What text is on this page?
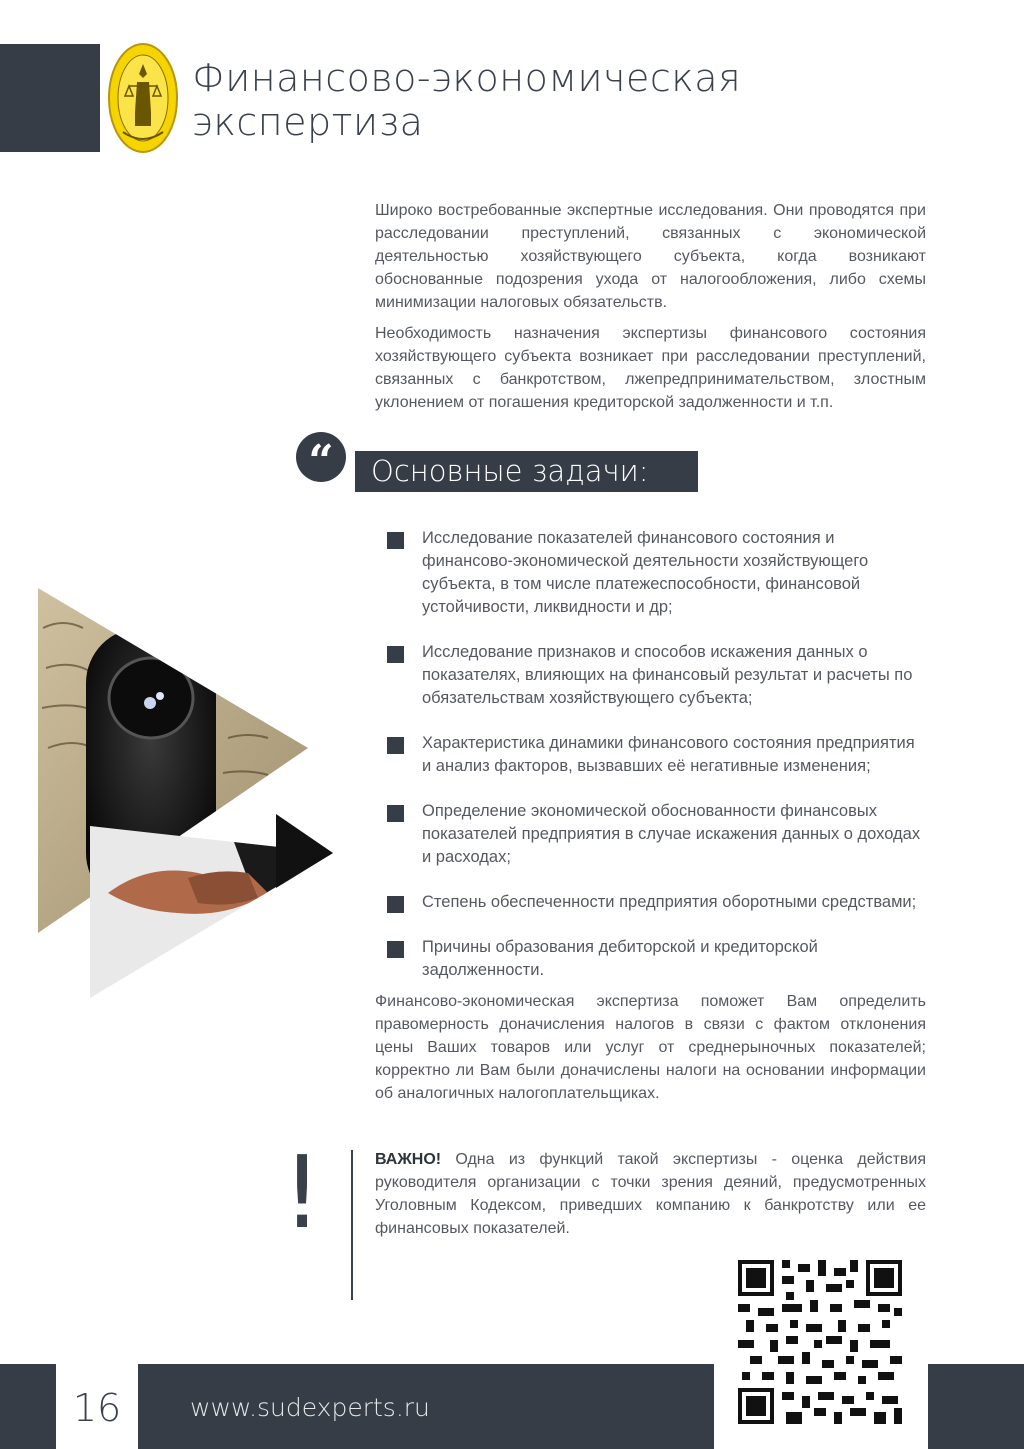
Финансово-экономическая
экспертиза
Широко востребованные экспертные исследования. Они проводятся при расследовании преступлений, связанных с экономической деятельностью хозяйствующего субъекта, когда возникают обоснованные подозрения ухода от налогообложения, либо схемы минимизации налоговых обязательств.
Необходимость назначения экспертизы финансового состояния хозяйствующего субъекта возникает при расследовании преступлений, связанных с банкротством, лжепредпринимательством, злостным уклонением от погашения кредиторской задолженности и т.п.
“	Основные задачи:
Исследование показателей финансового состояния и финансово-экономической деятельности хозяйствующего субъекта, в том числе платежеспособности, финансовой устойчивости, ликвидности и др;
Исследование признаков и способов искажения данных о показателях, влияющих на финансовый результат и расчеты по обязательствам хозяйствующего субъекта;
Характеристика динамики финансового состояния предприятия и анализ факторов, вызвавших её негативные изменения;
Определение экономической обоснованности финансовых показателей предприятия в случае искажения данных о доходах и расходах;
Степень обеспеченности предприятия оборотными средствами;
Причины образования дебиторской и кредиторской задолженности.
Финансово-экономическая экспертиза поможет Вам определить правомерность доначисления налогов в связи с фактом отклонения цены Ваших товаров или услуг от среднерыночных показателей; корректно ли Вам были доначислены налоги на основании информации об аналогичных налогоплательщиках.
!	ВАЖНО! Одна из функций такой экспертизы - оценка действия руководителя организации с точки зрения деяний, предусмотренных Уголовным Кодексом, приведших компанию к банкротству или ее финансовых показателей.
16	www.sudexperts.ru
